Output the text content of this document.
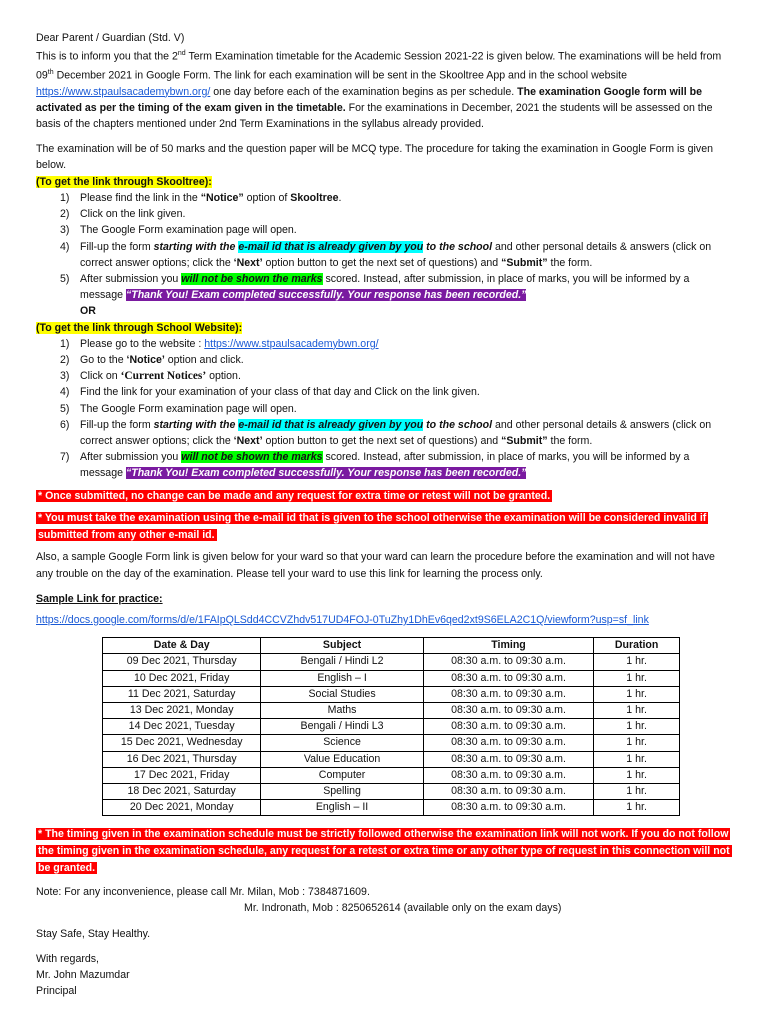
Dear Parent / Guardian (Std. V)

This is to inform you that the 2nd Term Examination timetable for the Academic Session 2021-22 is given below. The examinations will be held from 09th December 2021 in Google Form. The link for each examination will be sent in the Skooltree App and in the school website https://www.stpaulsacademybwn.org/ one day before each of the examination begins as per schedule. The examination Google form will be activated as per the timing of the exam given in the timetable. For the examinations in December, 2021 the students will be assessed on the basis of the chapters mentioned under 2nd Term Examinations in the syllabus already provided.

The examination will be of 50 marks and the question paper will be MCQ type. The procedure for taking the examination in Google Form is given below.

(To get the link through Skooltree):

1) Please find the link in the “Notice” option of Skooltree.
2) Click on the link given.
3) The Google Form examination page will open.
4) Fill-up the form starting with the e-mail id that is already given by you to the school and other personal details & answers (click on correct answer options; click the ‘Next’ option button to get the next set of questions) and “Submit” the form.
5) After submission you will not be shown the marks scored. Instead, after submission, in place of marks, you will be informed by a message “Thank You! Exam completed successfully. Your response has been recorded.”
OR

(To get the link through School Website):

1) Please go to the website : https://www.stpaulsacademybwn.org/
2) Go to the ‘Notice’ option and click.
3) Click on ‘Current Notices’ option.
4) Find the link for your examination of your class of that day and Click on the link given.
5) The Google Form examination page will open.
6) Fill-up the form starting with the e-mail id that is already given by you to the school and other personal details & answers (click on correct answer options; click the ‘Next’ option button to get the next set of questions) and “Submit” the form.
7) After submission you will not be shown the marks scored. Instead, after submission, in place of marks, you will be informed by a message “Thank You! Exam completed successfully. Your response has been recorded.”
* Once submitted, no change can be made and any request for extra time or retest will not be granted.
* You must take the examination using the e-mail id that is given to the school otherwise the examination will be considered invalid if submitted from any other e-mail id.

Also, a sample Google Form link is given below for your ward so that your ward can learn the procedure before the examination and will not have any trouble on the day of the examination. Please tell your ward to use this link for learning the process only.

Sample Link for practice:

https://docs.google.com/forms/d/e/1FAIpQLSdd4CCVZhdv517UD4FOJ-0TuZhy1DhEv6qed2xt9S6ELA2C1Q/viewform?usp=sf_link

Date & Day	Subject	Timing	Duration
09 Dec 2021, Thursday	Bengali / Hindi L2	08:30 a.m. to 09:30 a.m.	1 hr.
10 Dec 2021, Friday	English – I	08:30 a.m. to 09:30 a.m.	1 hr.
11 Dec 2021, Saturday	Social Studies	08:30 a.m. to 09:30 a.m.	1 hr.
13 Dec 2021, Monday	Maths	08:30 a.m. to 09:30 a.m.	1 hr.
14 Dec 2021, Tuesday	Bengali / Hindi L3	08:30 a.m. to 09:30 a.m.	1 hr.
15 Dec 2021, Wednesday	Science	08:30 a.m. to 09:30 a.m.	1 hr.
16 Dec 2021, Thursday	Value Education	08:30 a.m. to 09:30 a.m.	1 hr.
17 Dec 2021, Friday	Computer	08:30 a.m. to 09:30 a.m.	1 hr.
18 Dec 2021, Saturday	Spelling	08:30 a.m. to 09:30 a.m.	1 hr.
20 Dec 2021, Monday	English – II	08:30 a.m. to 09:30 a.m.	1 hr.
* The timing given in the examination schedule must be strictly followed otherwise the examination link will not work. If you do not follow the timing given in the examination schedule, any request for a retest or extra time or any other type of request in this connection will not be granted.

Note: For any inconvenience, please call Mr. Milan, Mob : 7384871609.

Mr. Indronath, Mob : 8250652614 (available only on the exam days)

Stay Safe, Stay Healthy.

With regards,

Mr. John Mazumdar

Principal
